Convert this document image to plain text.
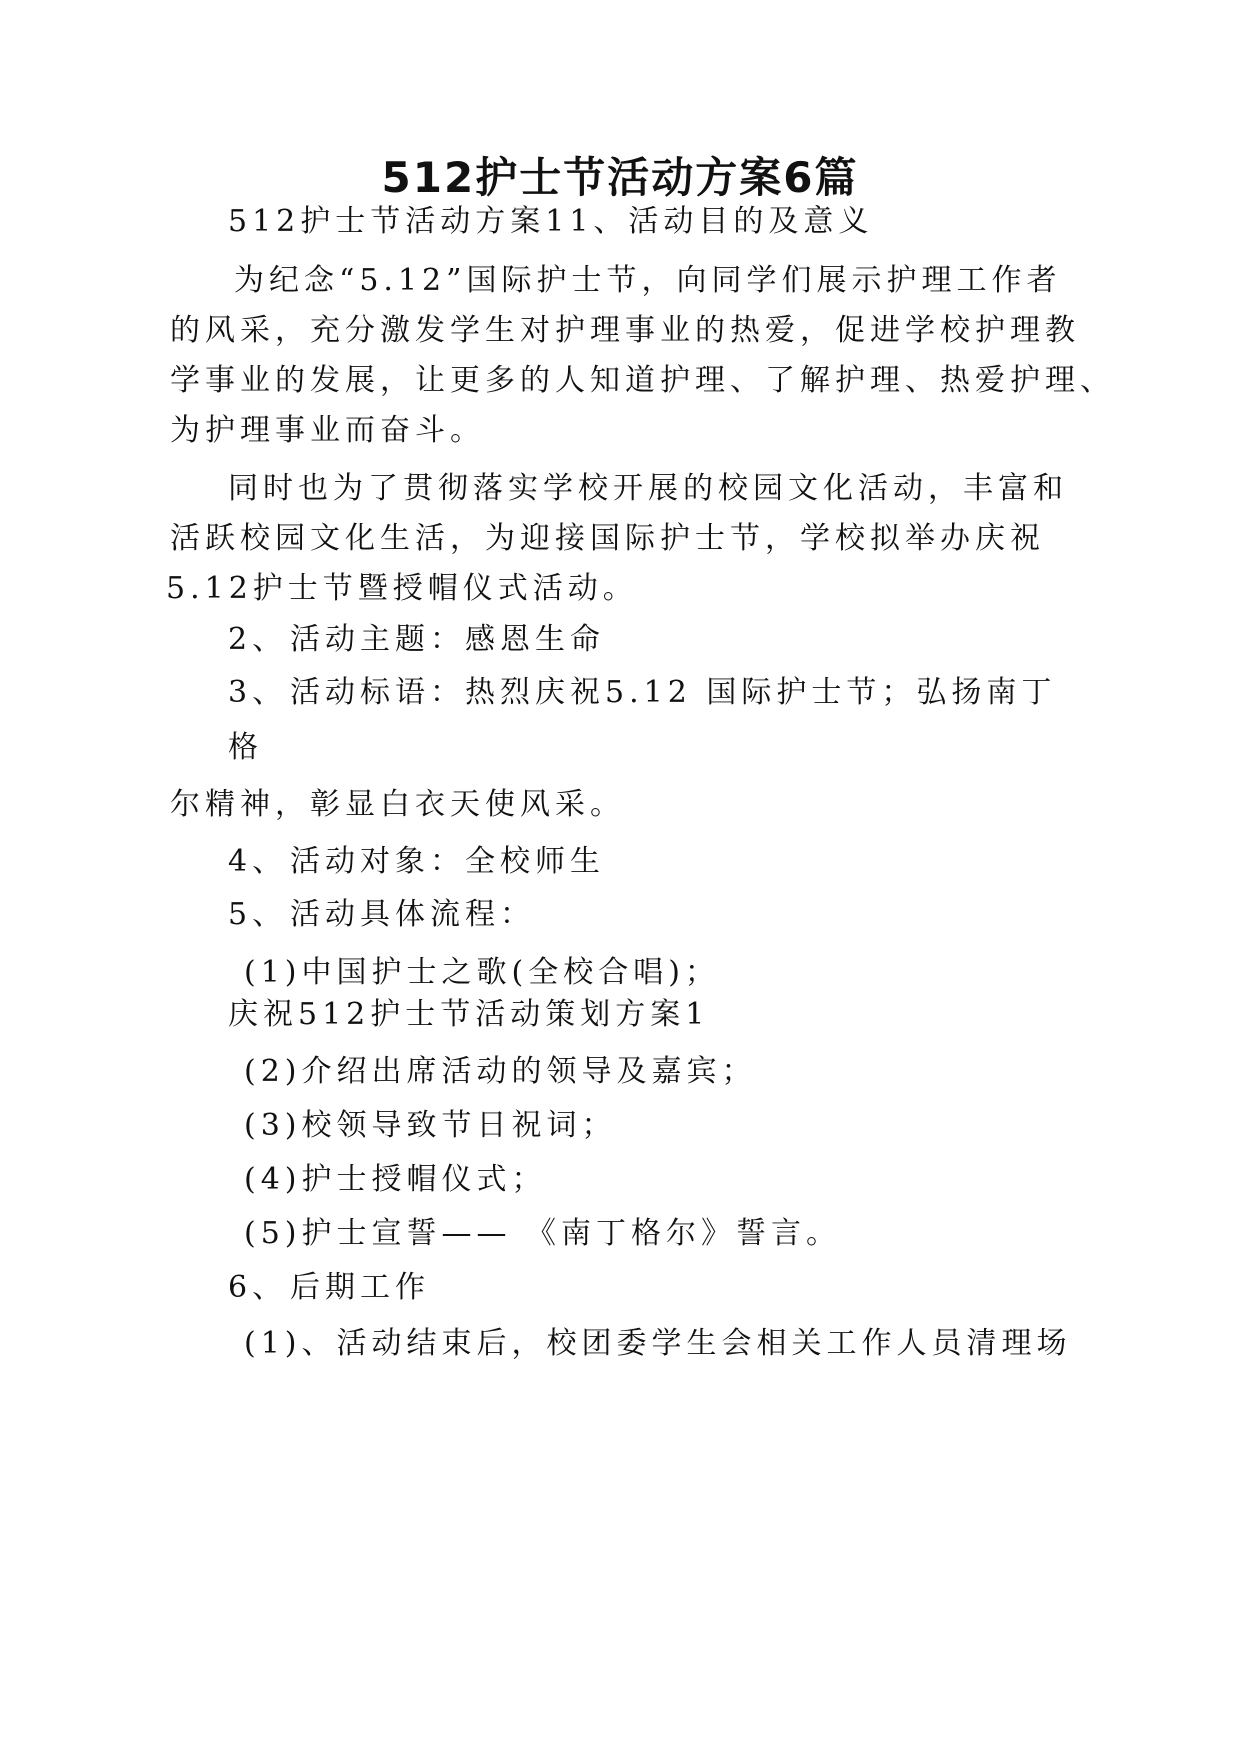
512护士节活动方案6篇
512护士节活动方案11、活动目的及意义
为纪念“5.12”国际护士节，向同学们展示护理工作者
的风采，充分激发学生对护理事业的热爱，促进学校护理教
学事业的发展，让更多的人知道护理、了解护理、热爱护理、
为护理事业而奋斗。
同时也为了贯彻落实学校开展的校园文化活动，丰富和
活跃校园文化生活，为迎接国际护士节，学校拟举办庆祝
5.12护士节暨授帽仪式活动。
2、活动主题：感恩生命
3、活动标语：热烈庆祝5.12 国际护士节；弘扬南丁
格
尔精神，彰显白衣天使风采。
4、活动对象：全校师生
5、活动具体流程：
(1)中国护士之歌(全校合唱)；
庆祝512护士节活动策划方案1
(2)介绍出席活动的领导及嘉宾；
(3)校领导致节日祝词；
(4)护士授帽仪式；
(5)护士宣誓—— 《南丁格尔》誓言。
6、后期工作
(1)、活动结束后，校团委学生会相关工作人员清理场
